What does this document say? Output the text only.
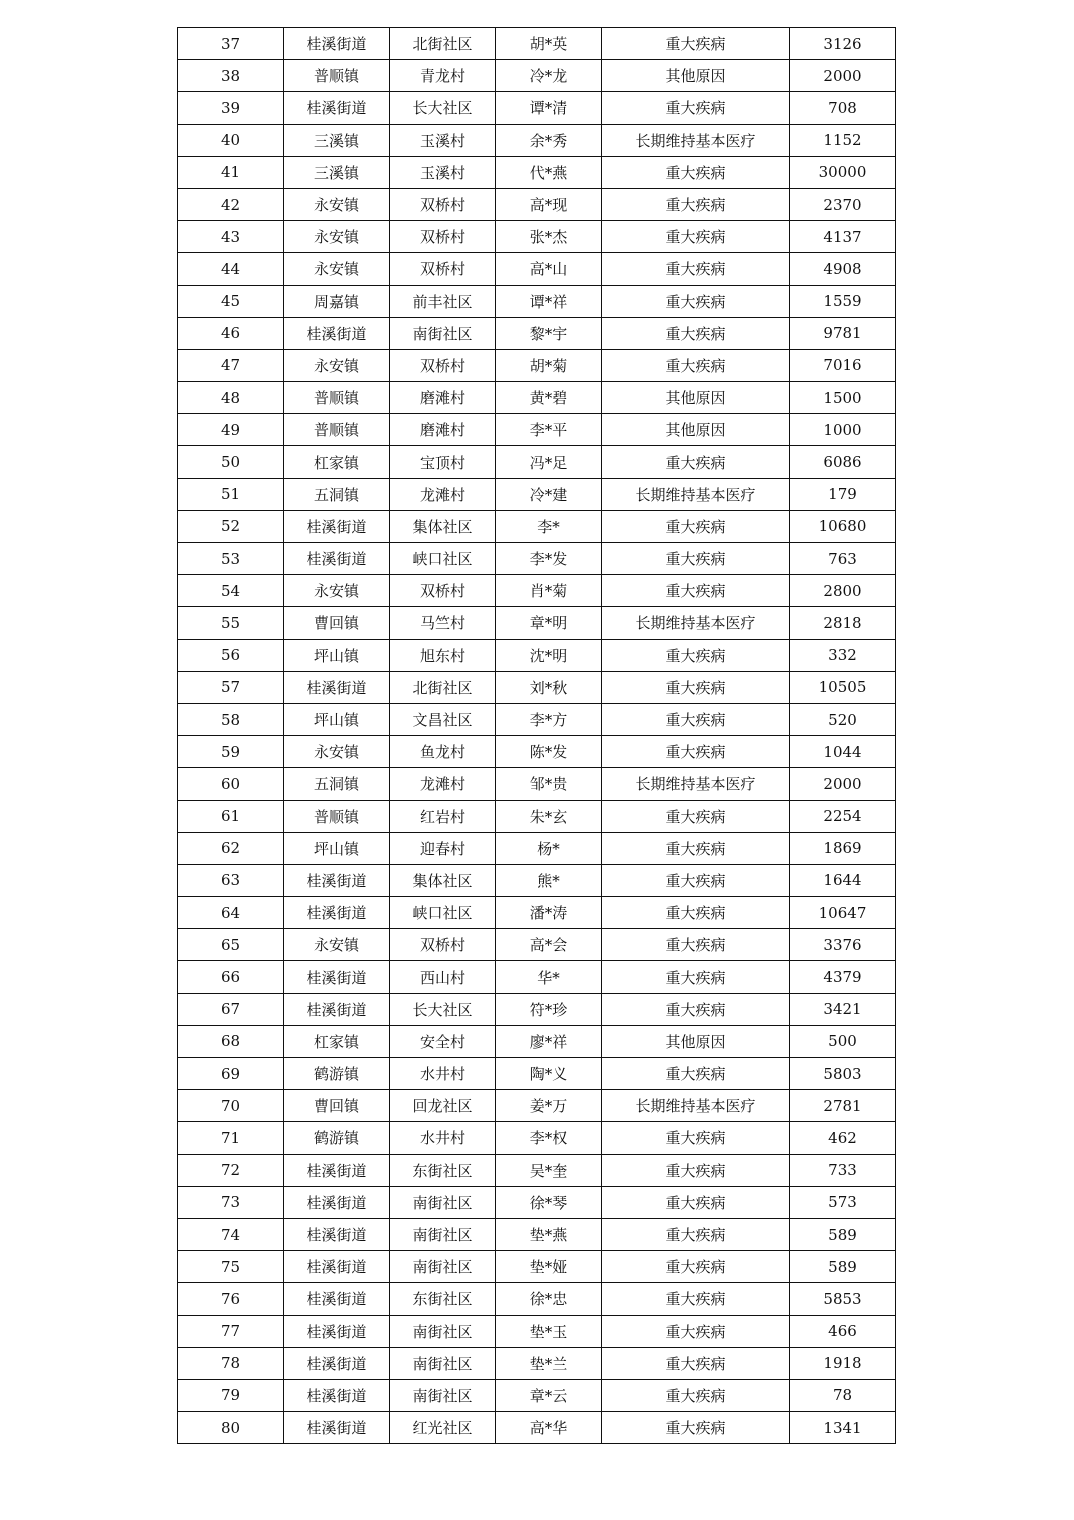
37	桂溪街道	北街社区	胡*英	重大疾病	3126
38	普顺镇	青龙村	冷*龙	其他原因	2000
39	桂溪街道	长大社区	谭*清	重大疾病	708
40	三溪镇	玉溪村	余*秀	长期维持基本医疗	1152
41	三溪镇	玉溪村	代*燕	重大疾病	30000
42	永安镇	双桥村	高*现	重大疾病	2370
43	永安镇	双桥村	张*杰	重大疾病	4137
44	永安镇	双桥村	高*山	重大疾病	4908
45	周嘉镇	前丰社区	谭*祥	重大疾病	1559
46	桂溪街道	南街社区	黎*宇	重大疾病	9781
47	永安镇	双桥村	胡*菊	重大疾病	7016
48	普顺镇	磨滩村	黄*碧	其他原因	1500
49	普顺镇	磨滩村	李*平	其他原因	1000
50	杠家镇	宝顶村	冯*足	重大疾病	6086
51	五洞镇	龙滩村	冷*建	长期维持基本医疗	179
52	桂溪街道	集体社区	李*	重大疾病	10680
53	桂溪街道	峡口社区	李*发	重大疾病	763
54	永安镇	双桥村	肖*菊	重大疾病	2800
55	曹回镇	马竺村	章*明	长期维持基本医疗	2818
56	坪山镇	旭东村	沈*明	重大疾病	332
57	桂溪街道	北街社区	刘*秋	重大疾病	10505
58	坪山镇	文昌社区	李*方	重大疾病	520
59	永安镇	鱼龙村	陈*发	重大疾病	1044
60	五洞镇	龙滩村	邹*贵	长期维持基本医疗	2000
61	普顺镇	红岩村	朱*玄	重大疾病	2254
62	坪山镇	迎春村	杨*	重大疾病	1869
63	桂溪街道	集体社区	熊*	重大疾病	1644
64	桂溪街道	峡口社区	潘*涛	重大疾病	10647
65	永安镇	双桥村	高*会	重大疾病	3376
66	桂溪街道	西山村	华*	重大疾病	4379
67	桂溪街道	长大社区	符*珍	重大疾病	3421
68	杠家镇	安全村	廖*祥	其他原因	500
69	鹤游镇	水井村	陶*义	重大疾病	5803
70	曹回镇	回龙社区	姜*万	长期维持基本医疗	2781
71	鹤游镇	水井村	李*权	重大疾病	462
72	桂溪街道	东街社区	吴*奎	重大疾病	733
73	桂溪街道	南街社区	徐*琴	重大疾病	573
74	桂溪街道	南街社区	垫*燕	重大疾病	589
75	桂溪街道	南街社区	垫*娅	重大疾病	589
76	桂溪街道	东街社区	徐*忠	重大疾病	5853
77	桂溪街道	南街社区	垫*玉	重大疾病	466
78	桂溪街道	南街社区	垫*兰	重大疾病	1918
79	桂溪街道	南街社区	章*云	重大疾病	78
80	桂溪街道	红光社区	高*华	重大疾病	1341
